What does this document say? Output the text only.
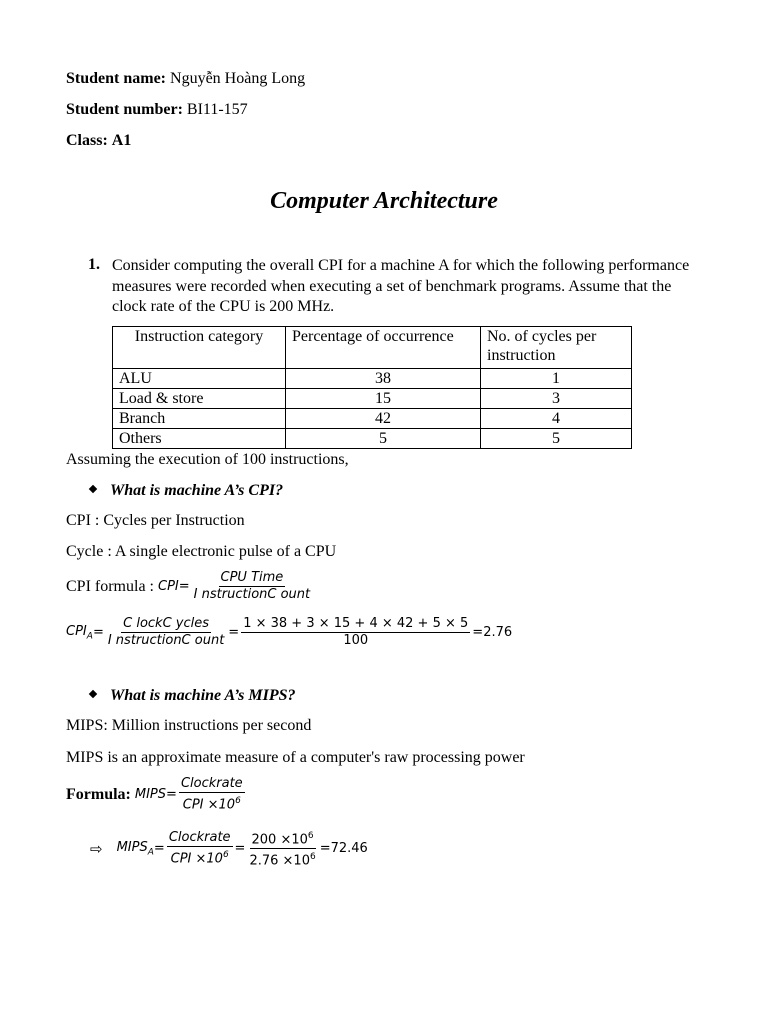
Student name: Nguyễn Hoàng Long
Student number: BI11-157
Class: A1
Computer Architecture
1. Consider computing the overall CPI for a machine A for which the following performance measures were recorded when executing a set of benchmark programs. Assume that the clock rate of the CPU is 200 MHz.
Instruction category	Percentage of occurrence	No. of cycles per instruction
ALU	38	1
Load & store	15	3
Branch	42	4
Others	5	5
Assuming the execution of 100 instructions,
What is machine A’s CPI?
CPI : Cycles per Instruction
Cycle : A single electronic pulse of a CPU
CPI formula : CPI = $\frac{\text{CPU Time}}{\text{I nstructionC ount}}$
$CPI_A = \frac{\text{C lockC ycles}}{\text{I nstructionC ount}} = \frac{1 \times 38 + 3 \times 15 + 4 \times 42 + 5 \times 5}{100} = 2.76$
What is machine A’s MIPS?
MIPS: Million instructions per second
MIPS is an approximate measure of a computer's raw processing power
Formula: MIPS = $\frac{\text{Clockrate}}{CPI \times 10^6}$
⇨ $MIPS_A = \frac{\text{Clockrate}}{CPI \times 10^6} = \frac{200 \times 10^6}{2.76 \times 10^6} = 72.46$
